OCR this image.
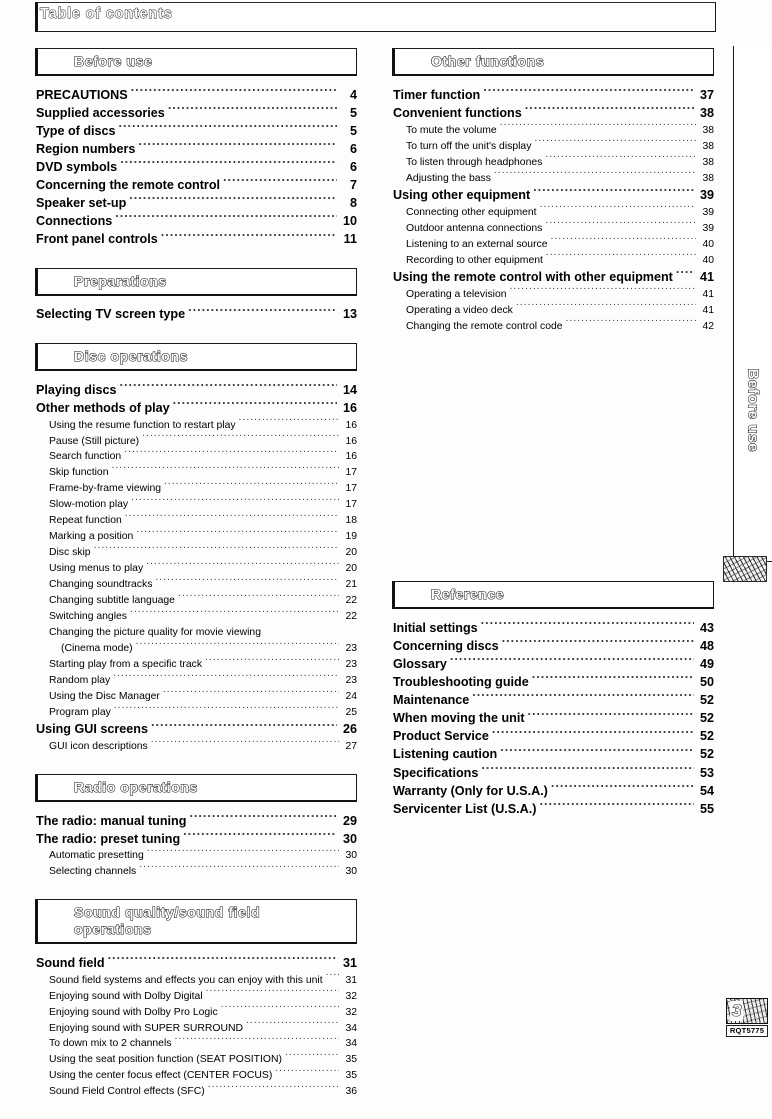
Table of contents
Before use
PRECAUTIONS .....	4
Supplied accessories .....	5
Type of discs .....	5
Region numbers .....	6
DVD symbols .....	6
Concerning the remote control .....	7
Speaker set-up .....	8
Connections .....	10
Front panel controls .....	11
Preparations
Selecting TV screen type .....	13
Disc operations
Playing discs .....	14
Other methods of play .....	16
Using the resume function to restart play .....	16
Pause (Still picture) .....	16
Search function .....	16
Skip function .....	17
Frame-by-frame viewing .....	17
Slow-motion play .....	17
Repeat function .....	18
Marking a position .....	19
Disc skip .....	20
Using menus to play .....	20
Changing soundtracks .....	21
Changing subtitle language .....	22
Switching angles .....	22
Changing the picture quality for movie viewing
(Cinema mode) .....	23
Starting play from a specific track .....	23
Random play .....	23
Using the Disc Manager .....	24
Program play .....	25
Using GUI screens .....	26
GUI icon descriptions .....	27
Radio operations
The radio: manual tuning .....	29
The radio: preset tuning .....	30
Automatic presetting .....	30
Selecting channels .....	30
Sound quality/sound field
operations
Sound field .....	31
Sound field systems and effects you can enjoy with this unit .....	31
Enjoying sound with Dolby Digital .....	32
Enjoying sound with Dolby Pro Logic .....	32
Enjoying sound with SUPER SURROUND .....	34
To down mix to 2 channels .....	34
Using the seat position function (SEAT POSITION) .....	35
Using the center focus effect (CENTER FOCUS) .....	35
Sound Field Control effects (SFC) .....	36
Other functions
Timer function .....	37
Convenient functions .....	38
To mute the volume .....	38
To turn off the unit's display .....	38
To listen through headphones .....	38
Adjusting the bass .....	38
Using other equipment .....	39
Connecting other equipment .....	39
Outdoor antenna connections .....	39
Listening to an external source .....	40
Recording to other equipment .....	40
Using the remote control with other equipment ..... 41
Operating a television .....	41
Operating a video deck .....	41
Changing the remote control code .....	42
Reference
Initial settings .....	43
Concerning discs .....	48
Glossary .....	49
Troubleshooting guide .....	50
Maintenance .....	52
When moving the unit .....	52
Product Service .....	52
Listening caution .....	52
Specifications .....	53
Warranty (Only for U.S.A.) .....	54
Servicenter List (U.S.A.) .....	55
3
RQT5775
